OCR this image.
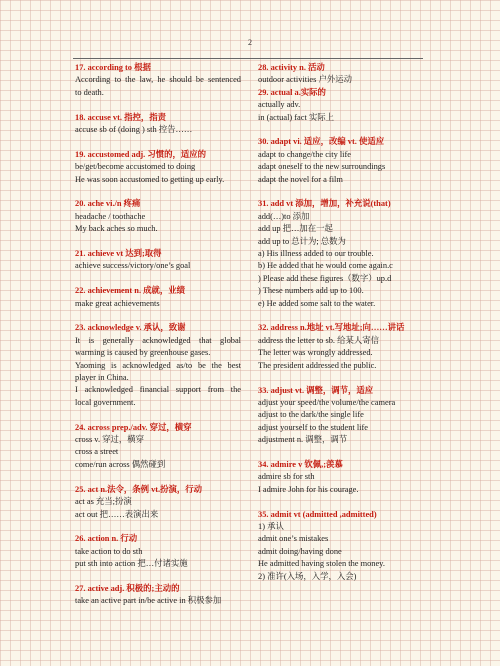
2
17. according to 根据
According to the law, he should be sentenced
to death.
18. accuse vt. 指控，指责
accuse sb of (doing ) sth 控告……
19. accustomed adj. 习惯的，适应的
be/get/become accustomed to doing
He was soon accustomed to getting up early.
20. ache vi./n 疼痛
headache / toothache
My back aches so much.
21. achieve vt 达到;取得
achieve success/victory/one’s goal
22. achievement n. 成就，业绩
make great achievements
23. acknowledge v. 承认，致谢
It is generally acknowledged that global
warming is caused by greenhouse gases.
Yaoming is acknowledged as/to be the best
player in China.
I acknowledged financial support from the
local government.
24. across prep./adv. 穿过，横穿
cross v. 穿过，横穿
cross a street
come/run across 偶然碰到
25. act n.法令，条例 vt.扮演，行动
act as 充当;扮演
act out 把……表演出来
26. action n. 行动
take action to do sth
put sth into action 把…付诸实施
27. active adj. 积极的;主动的
take an active part in/be active in 积极参加
28. activity n. 活动
outdoor activities 户外运动
29. actual a.实际的
actually adv.
in (actual) fact 实际上
30. adapt vi. 适应，改编 vt. 使适应
adapt to change/the city life
adapt oneself to the new surroundings
adapt the novel for a film
31. add vt 添加，增加，补充说(that)
add(…)to 添加
add up 把…加在一起
add up to 总计为; 总数为
a) His illness added to our trouble.
b) He added that he would come again.c
) Please add these figures（数字）up.d
) These numbers add up to 100.
e) He added some salt to the water.
32. address n.地址 vt.写地址;向……讲话
address the letter to sb. 给某人寄信
The letter was wrongly addressed.
The president addressed the public.
33. adjust vt. 调整，调节，适应
adjust your speed/the volume/the camera
adjust to the dark/the single life
adjust yourself to the student life
adjustment n. 调整，调节
34. admire v 钦佩,;羡慕
admire sb for sth
I admire John for his courage.
35. admit vt (admitted ,admitted)
1) 承认
admit one’s mistakes
admit doing/having done
He admitted having stolen the money.
2) 准许(入场，入学，入会)
